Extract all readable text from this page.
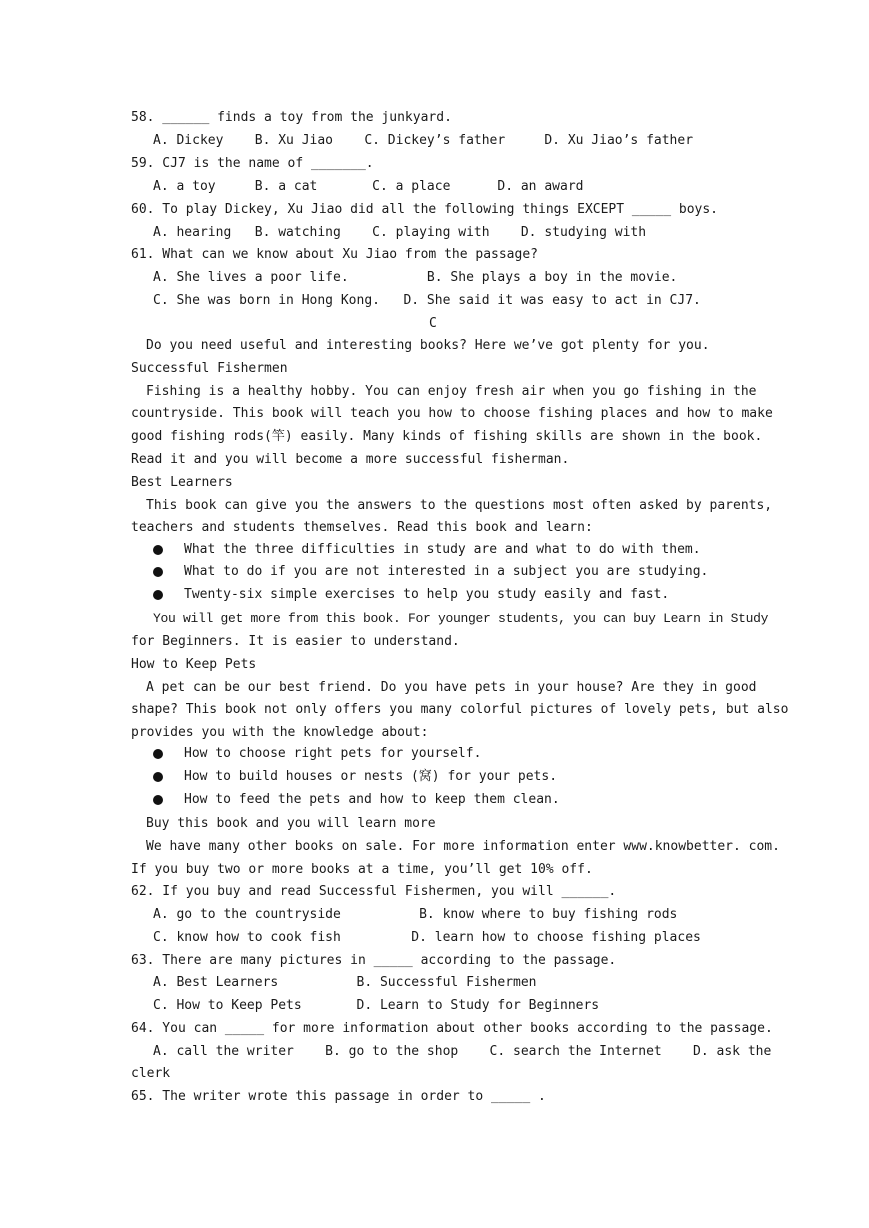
58. ______ finds a toy from the junkyard.
A. Dickey    B. Xu Jiao    C. Dickey’s father     D. Xu Jiao’s father
59. CJ7 is the name of _______.
A. a toy     B. a cat       C. a place      D. an award
60. To play Dickey, Xu Jiao did all the following things EXCEPT _____ boys.
A. hearing   B. watching    C. playing with    D. studying with
61. What can we know about Xu Jiao from the passage?
A. She lives a poor life.          B. She plays a boy in the movie.
C. She was born in Hong Kong.   D. She said it was easy to act in CJ7.
C
Do you need useful and interesting books? Here we’ve got plenty for you.
Successful Fishermen
Fishing is a healthy hobby. You can enjoy fresh air when you go fishing in the
countryside. This book will teach you how to choose fishing places and how to make
good fishing rods(竿) easily. Many kinds of fishing skills are shown in the book.
Read it and you will become a more successful fisherman.
Best Learners
This book can give you the answers to the questions most often asked by parents,
teachers and students themselves. Read this book and learn:
What the three difficulties in study are and what to do with them.
What to do if you are not interested in a subject you are studying.
Twenty-six simple exercises to help you study easily and fast.
You will get more from this book. For younger students, you can buy Learn in Study
for Beginners. It is easier to understand.
How to Keep Pets
A pet can be our best friend. Do you have pets in your house? Are they in good
shape? This book not only offers you many colorful pictures of lovely pets, but also
provides you with the knowledge about:
How to choose right pets for yourself.
How to build houses or nests (窝) for your pets.
How to feed the pets and how to keep them clean.
Buy this book and you will learn more
We have many other books on sale. For more information enter www.knowbetter. com.
If you buy two or more books at a time, you’ll get 10% off.
62. If you buy and read Successful Fishermen, you will ______.
A. go to the countryside          B. know where to buy fishing rods
C. know how to cook fish         D. learn how to choose fishing places
63. There are many pictures in _____ according to the passage.
A. Best Learners          B. Successful Fishermen
C. How to Keep Pets       D. Learn to Study for Beginners
64. You can _____ for more information about other books according to the passage.
A. call the writer    B. go to the shop    C. search the Internet    D. ask the
clerk
65. The writer wrote this passage in order to _____ .
